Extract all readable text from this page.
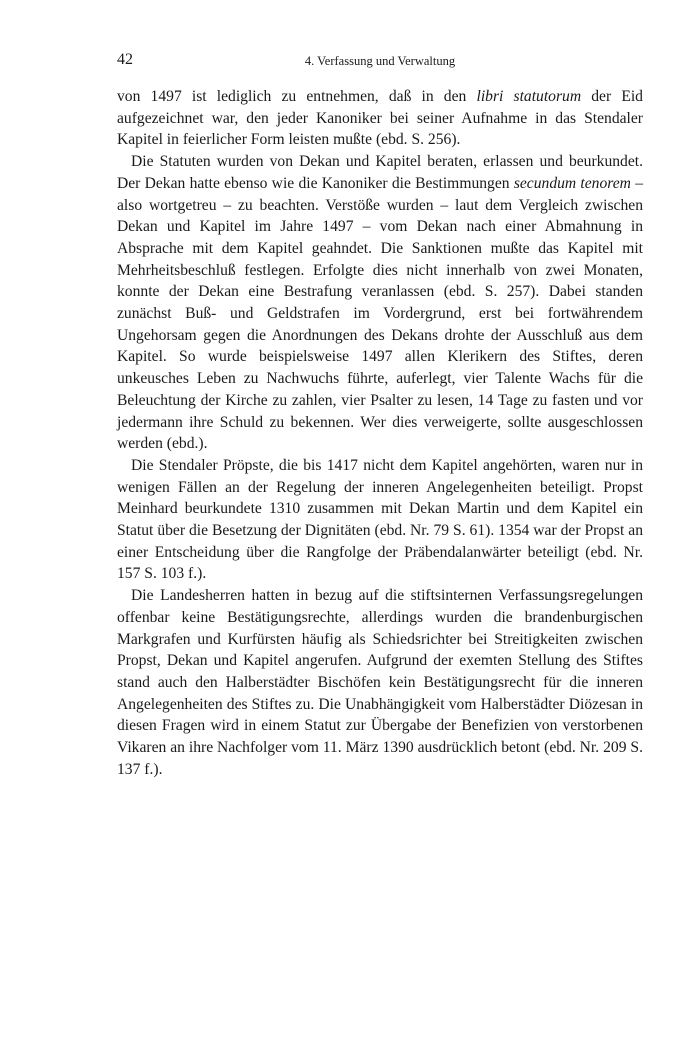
42	4. Verfassung und Verwaltung

von 1497 ist lediglich zu entnehmen, daß in den libri statutorum der Eid aufgezeichnet war, den jeder Kanoniker bei seiner Aufnahme in das Stendaler Kapitel in feierlicher Form leisten mußte (ebd. S. 256).

Die Statuten wurden von Dekan und Kapitel beraten, erlassen und beurkundet. Der Dekan hatte ebenso wie die Kanoniker die Bestimmungen secundum tenorem – also wortgetreu – zu beachten. Verstöße wurden – laut dem Vergleich zwischen Dekan und Kapitel im Jahre 1497 – vom Dekan nach einer Abmahnung in Absprache mit dem Kapitel geahndet. Die Sanktionen mußte das Kapitel mit Mehrheitsbeschluß festlegen. Erfolgte dies nicht innerhalb von zwei Monaten, konnte der Dekan eine Bestrafung veranlassen (ebd. S. 257). Dabei standen zunächst Buß- und Geldstrafen im Vordergrund, erst bei fortwährendem Ungehorsam gegen die Anordnungen des Dekans drohte der Ausschluß aus dem Kapitel. So wurde beispielsweise 1497 allen Klerikern des Stiftes, deren unkeusches Leben zu Nachwuchs führte, auferlegt, vier Talente Wachs für die Beleuchtung der Kirche zu zahlen, vier Psalter zu lesen, 14 Tage zu fasten und vor jedermann ihre Schuld zu bekennen. Wer dies verweigerte, sollte ausgeschlossen werden (ebd.).

Die Stendaler Pröpste, die bis 1417 nicht dem Kapitel angehörten, waren nur in wenigen Fällen an der Regelung der inneren Angelegenheiten beteiligt. Propst Meinhard beurkundete 1310 zusammen mit Dekan Martin und dem Kapitel ein Statut über die Besetzung der Dignitäten (ebd. Nr. 79 S. 61). 1354 war der Propst an einer Entscheidung über die Rangfolge der Präbendalanwärter beteiligt (ebd. Nr. 157 S. 103 f.).

Die Landesherren hatten in bezug auf die stiftsinternen Verfassungsregelungen offenbar keine Bestätigungsrechte, allerdings wurden die brandenburgischen Markgrafen und Kurfürsten häufig als Schiedsrichter bei Streitigkeiten zwischen Propst, Dekan und Kapitel angerufen. Aufgrund der exemten Stellung des Stiftes stand auch den Halberstädter Bischöfen kein Bestätigungsrecht für die inneren Angelegenheiten des Stiftes zu. Die Unabhängigkeit vom Halberstädter Diözesan in diesen Fragen wird in einem Statut zur Übergabe der Benefizien von verstorbenen Vikaren an ihre Nachfolger vom 11. März 1390 ausdrücklich betont (ebd. Nr. 209 S. 137 f.).
